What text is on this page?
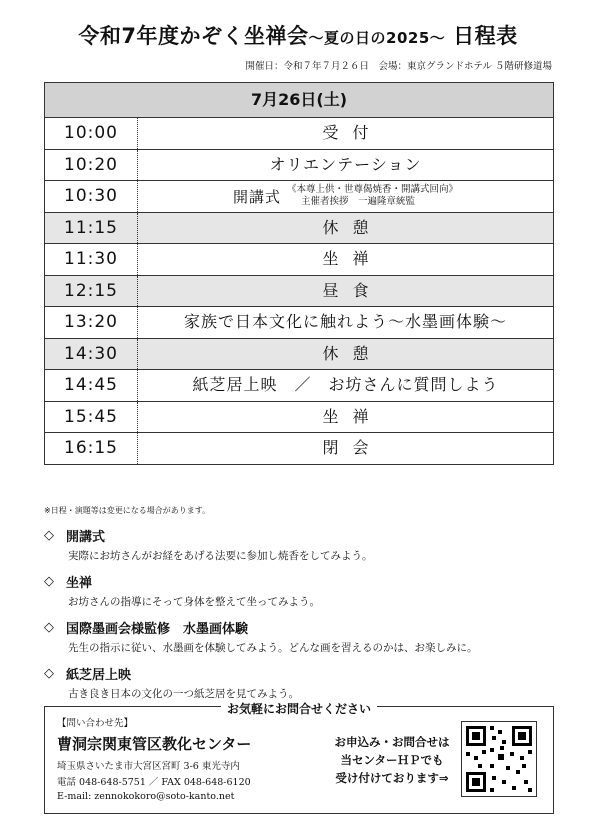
令和7年度かぞく坐禅会〜夏の日の2025〜 日程表
開催日：令和７年７月２６日　会場：東京グランドホテル ５階研修道場
7月26日(土)
10:00	受付
10:20	オリエンテーション
10:30	開講式 《本尊上供・世尊偈焼香・開講式回向》
主催者挨拶　一遍隆章統監
11:15	休憩
11:30	坐禅
12:15	昼食
13:20	家族で日本文化に触れよう〜水墨画体験〜
14:30	休憩
14:45	紙芝居上映　／　お坊さんに質問しよう
15:45	坐禅
16:15	閉会
※日程・演題等は変更になる場合があります。
◇ 開講式
実際にお坊さんがお経をあげる法要に参加し焼香をしてみよう。
◇ 坐禅
お坊さんの指導にそって身体を整えて坐ってみよう。
◇ 国際墨画会様監修　水墨画体験
先生の指示に従い、水墨画を体験してみよう。どんな画を習えるのかは、お楽しみに。
◇ 紙芝居上映
古き良き日本の文化の一つ紙芝居を見てみよう。
お気軽にお問合せください
【問い合わせ先】
曹洞宗関東管区教化センター
埼玉県さいたま市大宮区宮町 3-6 東光寺内
電話 048-648-5751 ／ FAX 048-648-6120
E-mail: zennokokoro@soto-kanto.net
お申込み・お問合せは
当センターＨＰでも
受け付けております⇒
